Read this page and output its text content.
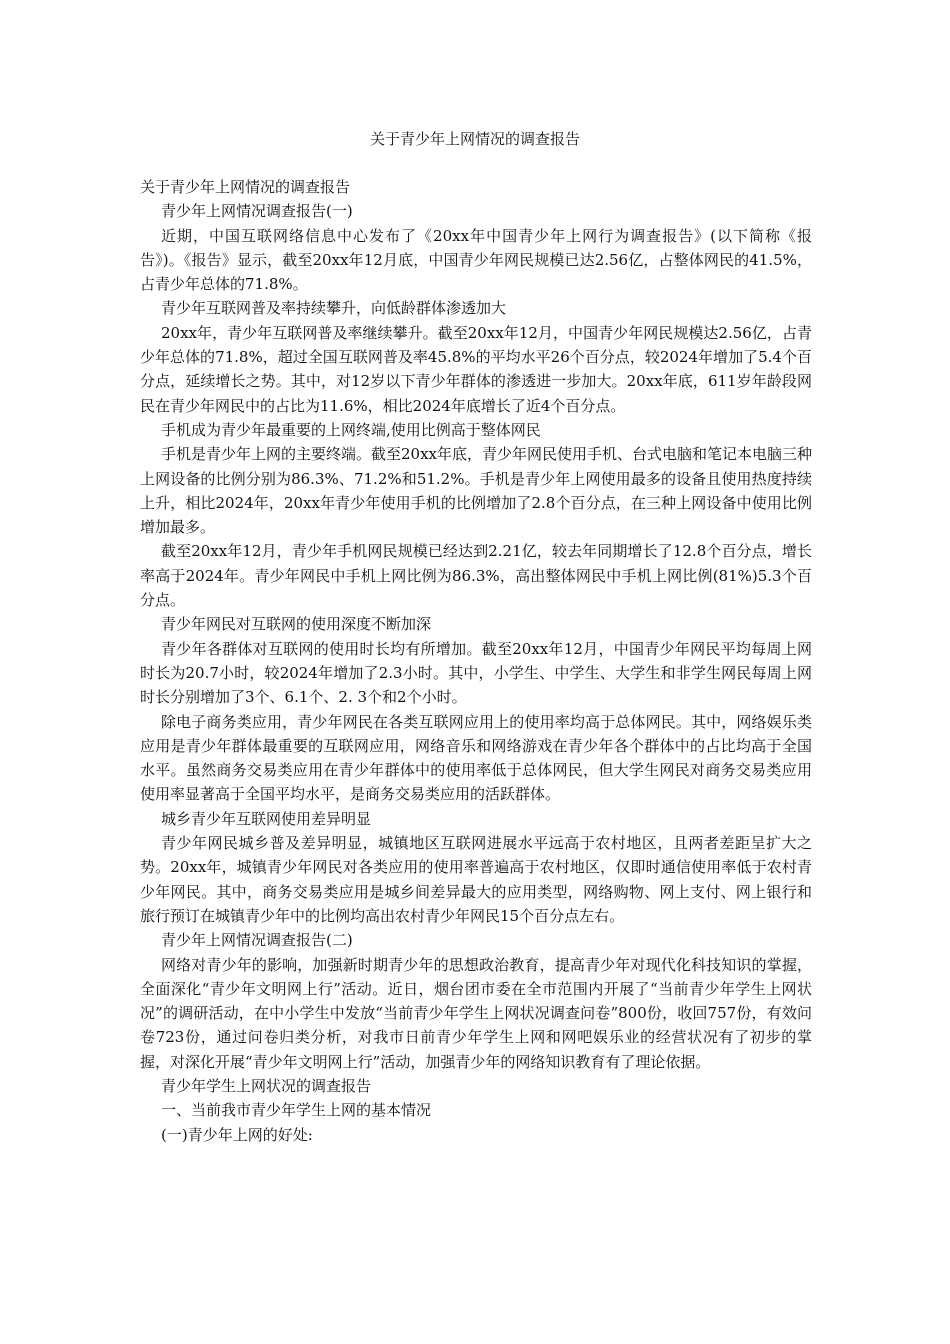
关于青少年上网情况的调查报告

关于青少年上网情况的调查报告

青少年上网情况调查报告(一)

近期，中国互联网络信息中心发布了《20xx年中国青少年上网行为调查报告》(以下简称《报告》)。《报告》显示，截至20xx年12月底，中国青少年网民规模已达2.56亿，占整体网民的41.5%，占青少年总体的71.8%。

青少年互联网普及率持续攀升，向低龄群体渗透加大

20xx年，青少年互联网普及率继续攀升。截至20xx年12月，中国青少年网民规模达2.56亿，占青少年总体的71.8%，超过全国互联网普及率45.8%的平均水平26个百分点，较2024年增加了5.4个百分点，延续增长之势。其中，对12岁以下青少年群体的渗透进一步加大。20xx年底，611岁年龄段网民在青少年网民中的占比为11.6%，相比2024年底增长了近4个百分点。

手机成为青少年最重要的上网终端,使用比例高于整体网民

手机是青少年上网的主要终端。截至20xx年底，青少年网民使用手机、台式电脑和笔记本电脑三种上网设备的比例分别为86.3%、71.2%和51.2%。手机是青少年上网使用最多的设备且使用热度持续上升，相比2024年，20xx年青少年使用手机的比例增加了2.8个百分点，在三种上网设备中使用比例增加最多。

截至20xx年12月，青少年手机网民规模已经达到2.21亿，较去年同期增长了12.8个百分点，增长率高于2024年。青少年网民中手机上网比例为86.3%，高出整体网民中手机上网比例(81%)5.3个百分点。

青少年网民对互联网的使用深度不断加深

青少年各群体对互联网的使用时长均有所增加。截至20xx年12月，中国青少年网民平均每周上网时长为20.7小时，较2024年增加了2.3小时。其中，小学生、中学生、大学生和非学生网民每周上网时长分别增加了3个、6.1个、2. 3个和2个小时。

除电子商务类应用，青少年网民在各类互联网应用上的使用率均高于总体网民。其中，网络娱乐类应用是青少年群体最重要的互联网应用，网络音乐和网络游戏在青少年各个群体中的占比均高于全国水平。虽然商务交易类应用在青少年群体中的使用率低于总体网民，但大学生网民对商务交易类应用使用率显著高于全国平均水平，是商务交易类应用的活跃群体。

城乡青少年互联网使用差异明显

青少年网民城乡普及差异明显，城镇地区互联网进展水平远高于农村地区，且两者差距呈扩大之势。20xx年，城镇青少年网民对各类应用的使用率普遍高于农村地区，仅即时通信使用率低于农村青少年网民。其中，商务交易类应用是城乡间差异最大的应用类型，网络购物、网上支付、网上银行和旅行预订在城镇青少年中的比例均高出农村青少年网民15个百分点左右。

青少年上网情况调查报告(二)

网络对青少年的影响，加强新时期青少年的思想政治教育，提高青少年对现代化科技知识的掌握，全面深化“青少年文明网上行”活动。近日，烟台团市委在全市范围内开展了“当前青少年学生上网状况”的调研活动，在中小学生中发放“当前青少年学生上网状况调查问卷”800份，收回757份，有效问卷723份，通过问卷归类分析，对我市日前青少年学生上网和网吧娱乐业的经营状况有了初步的掌握，对深化开展“青少年文明网上行”活动，加强青少年的网络知识教育有了理论依据。

青少年学生上网状况的调查报告

一、当前我市青少年学生上网的基本情况

(一)青少年上网的好处:
